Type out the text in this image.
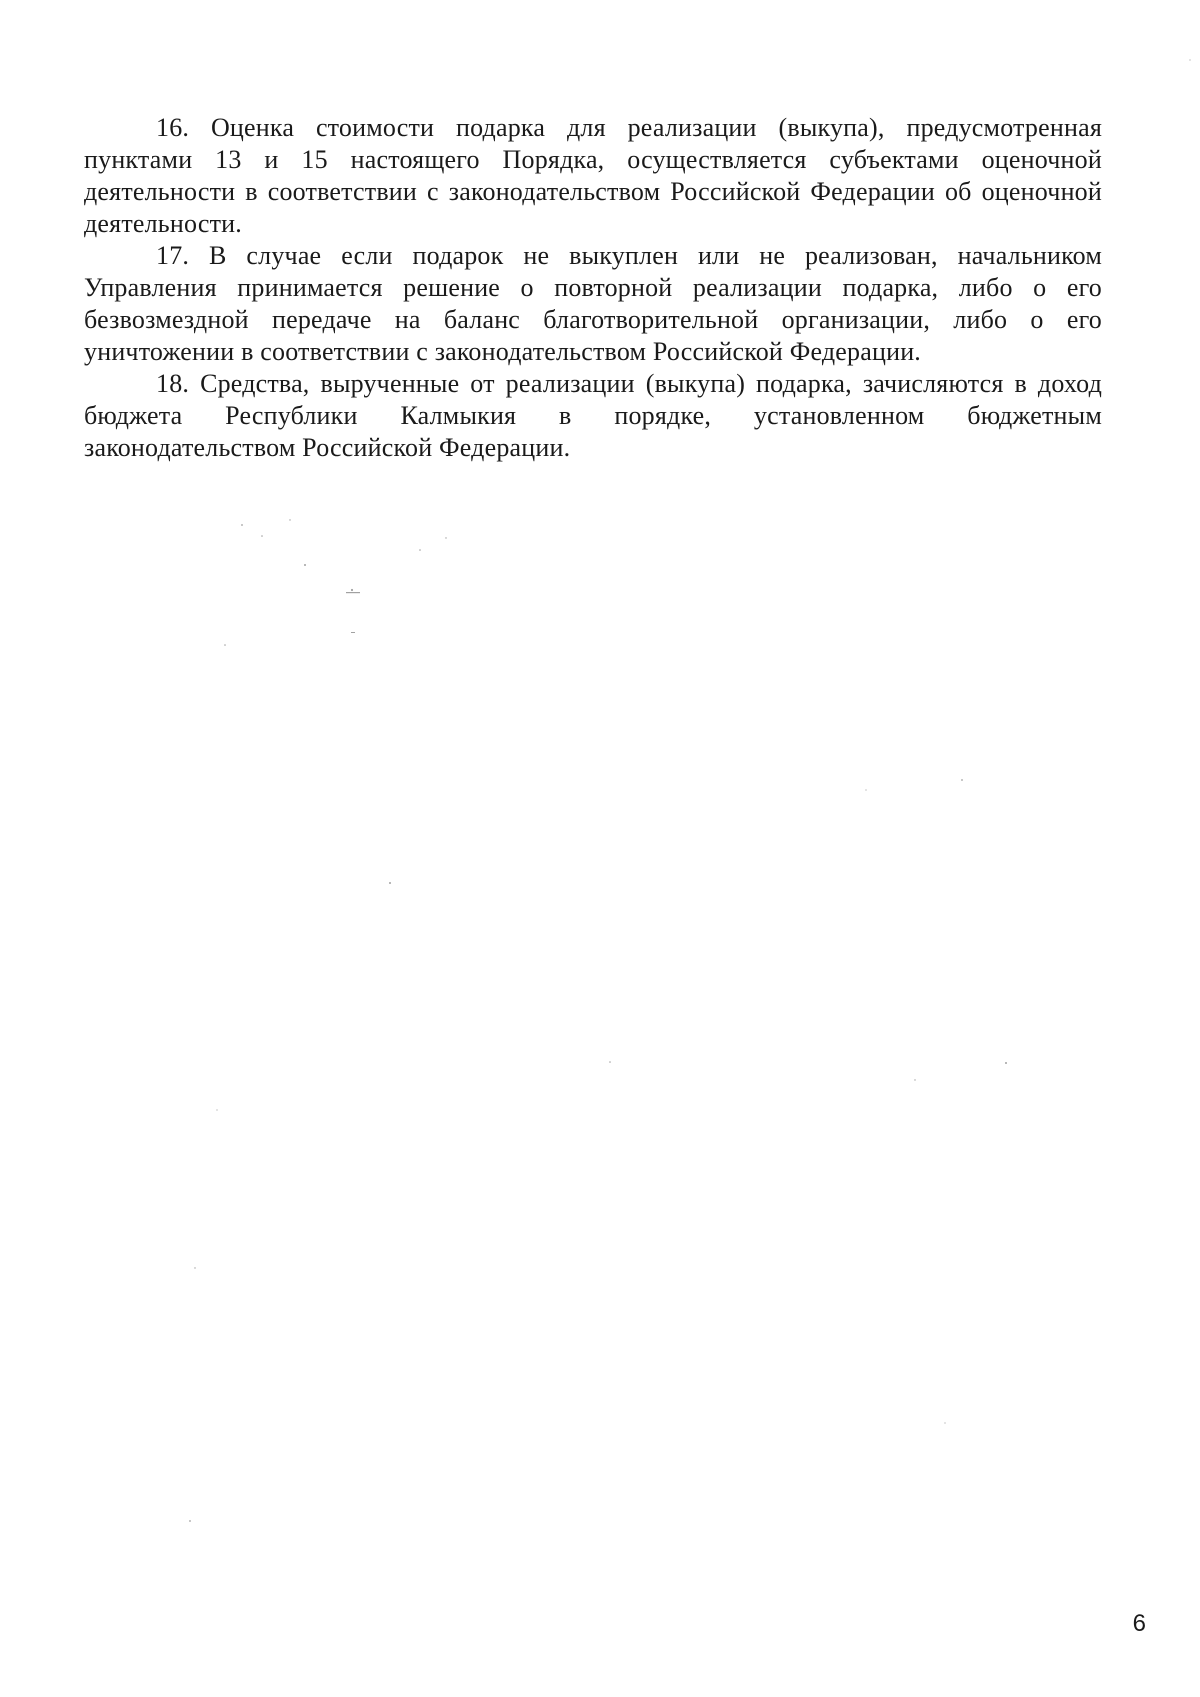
16. Оценка стоимости подарка для реализации (выкупа), предусмотренная пунктами 13 и 15 настоящего Порядка, осуществляется субъектами оценочной деятельности в соответствии с законодательством Российской Федерации об оценочной деятельности.

17. В случае если подарок не выкуплен или не реализован, начальником Управления принимается решение о повторной реализации подарка, либо о его безвозмездной передаче на баланс благотворительной организации, либо о его уничтожении в соответствии с законодательством Российской Федерации.

18. Средства, вырученные от реализации (выкупа) подарка, зачисляются в доход бюджета Республики Калмыкия в порядке, установленном бюджетным законодательством Российской Федерации.

6
